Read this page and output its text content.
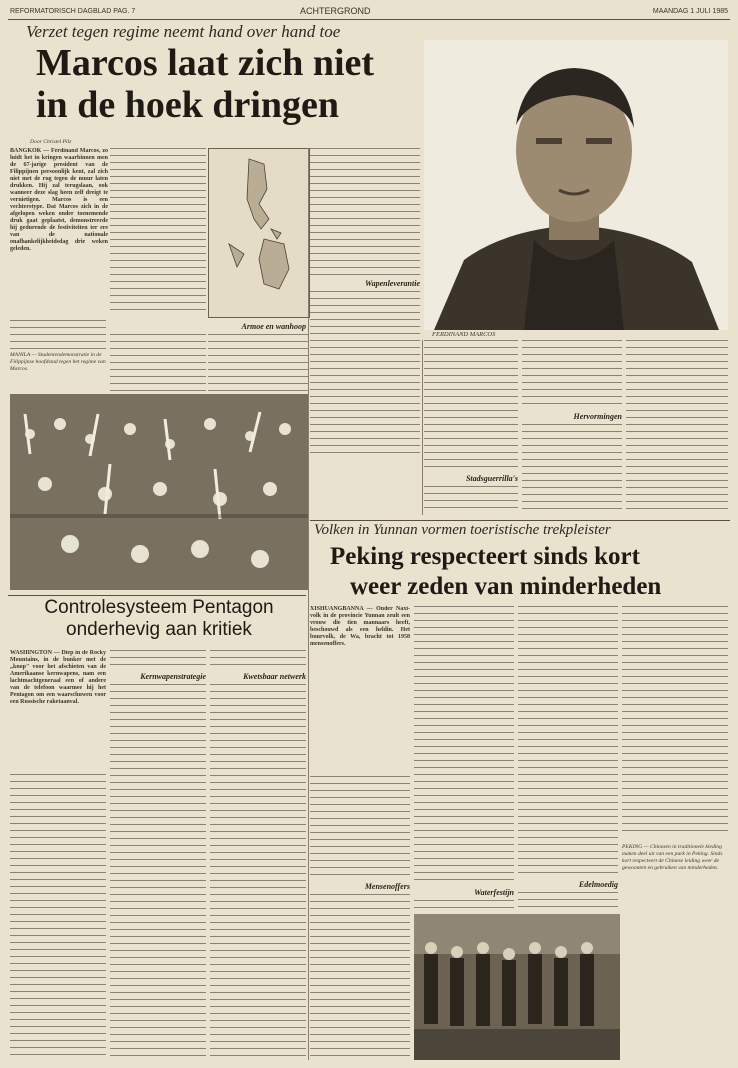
REFORMATORISCH DAGBLAD PAG. 7	ACHTERGROND	MAANDAG 1 JULI 1985
Verzet tegen regime neemt hand over hand toe
Marcos laat zich niet
in de hoek dringen
FERDINAND MARCOS
Door Christel Pilz
BANGKOK — Ferdinand Marcos, zo luidt het in kringen waarbinnen men de 67-jarige president van de Filippijnen persoonlijk kent, zal zich niet met de rug tegen de muur laten drukken. Hij zal terugslaan, ook wanneer deze slag heen zelf dreigt te vernietigen. Marcos is een vechterstype. Dat Marcos zich in de afgelopen weken onder toenemende druk gaat geplaatst, demonstreerde hij gedurende de festiviteiten ter ere van de nationale onafhankelijkheidsdag drie weken geleden.
Wapenleverantie
MANILA — Studentendemonstratie in de Filippijnse hoofdstad tegen het regime van Marcos.
Armoe en wanhoop
Hervormingen
Stadsguerrilla's
Volken in Yunnan vormen toeristische trekpleister
Peking respecteert sinds kort
weer zeden van minderheden
XISHUANGBANNA — Onder Naxi-volk in de provincie Yunnan zeult een vrouw die tien mannaars heeft, beschouwd als een heldin. Het buurvolk, de Wa, bracht tot 1958 mensenoffers.
Mensenoffers
Waterfestijn
Edelmoedig
PEKING — Chinezen in traditionele kleding maken deel uit van een park in Peking. Sinds kort respecteert de Chinese leiding weer de gewoonten en gebruiken van minderheden.
Controlesysteem Pentagon
onderhevig aan kritiek
WASHINGTON — Diep in de Rocky Mountains, in de bunker met de „knop" voor het afschieten van de Amerikaanse kernwapens, nam een lachtmachtgeneraal een of andere van de telefoon waarmee hij het Pentagon om een waarschuwen voor een Russische raketaanval.
Kernwapenstrategie	Kwetsbaar netwerk
